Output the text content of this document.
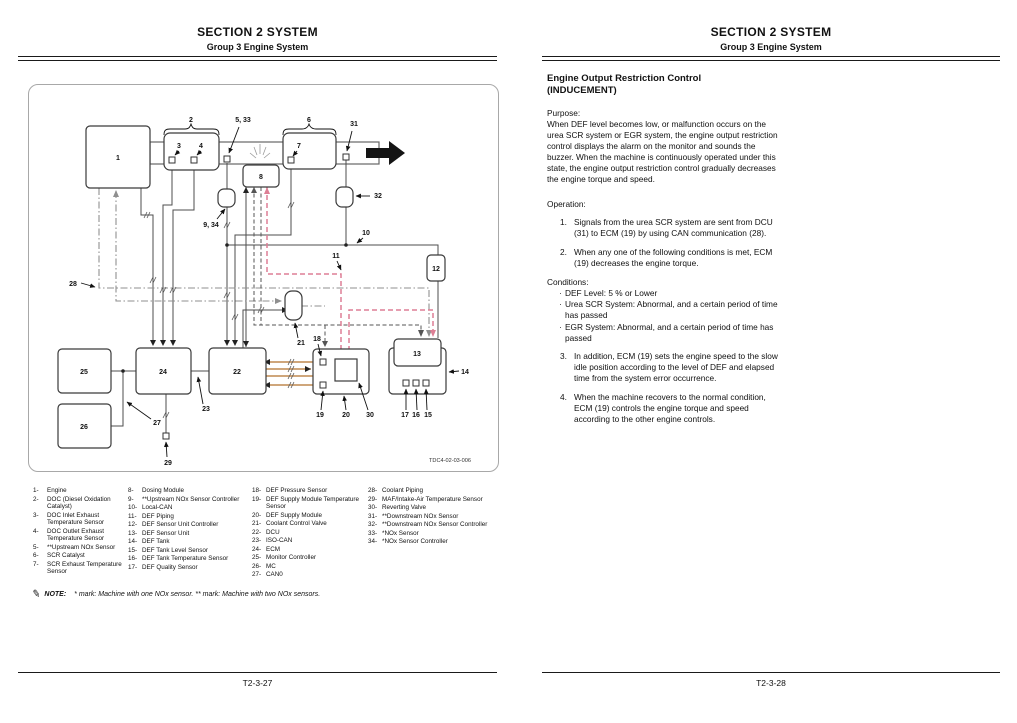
SECTION 2 SYSTEM
Group 3 Engine System
1
2
3	4
5, 33	6
7
8
9, 34
10
11
12
13
14
15
16
17
18
19	20
21
22
23
24
25
26
27
28
29
30
31
32
TDC4-02-03-006
1-	Engine
2-	DOC (Diesel Oxidation Catalyst)
3-	DOC Inlet Exhaust Temperature Sensor
4-	DOC Outlet Exhaust Temperature Sensor
5-	**Upstream NOx Sensor
6-	SCR Catalyst
7-	SCR Exhaust Temperature Sensor
8-	Dosing Module
9-	**Upstream NOx Sensor Controller
10- Local-CAN
11- DEF Piping
12- DEF Sensor Unit Controller
13- DEF Sensor Unit
14- DEF Tank
15- DEF Tank Level Sensor
16- DEF Tank Temperature Sensor
17- DEF Quality Sensor
18- DEF Pressure Sensor
19- DEF Supply Module Temperature Sensor
20- DEF Supply Module
21- Coolant Control Valve
22- DCU
23- ISO-CAN
24- ECM
25- Monitor Controller
26- MC
27- CAN0
28- Coolant Piping
29- MAF/Intake-Air Temperature Sensor
30- Reverting Valve
31- **Downstream NOx Sensor
32- **Downstream NOx Sensor Controller
33- *NOx Sensor
34- *NOx Sensor Controller
✎ NOTE: * mark: Machine with one NOx sensor. ** mark: Machine with two NOx sensors.
T2-3-27
SECTION 2 SYSTEM
Group 3 Engine System
Engine Output Restriction Control
(INDUCEMENT)
Purpose:
When DEF level becomes low, or malfunction occurs on the urea SCR system or EGR system, the engine output restriction control displays the alarm on the monitor and sounds the buzzer. When the machine is continuously operated under this state, the engine output restriction control gradually decreases the engine torque and speed.
Operation:
1. Signals from the urea SCR system are sent from DCU (31) to ECM (19) by using CAN communication (28).
2. When any one of the following conditions is met, ECM (19) decreases the engine torque.
Conditions:
· DEF Level: 5 % or Lower
· Urea SCR System: Abnormal, and a certain period of time has passed
· EGR System: Abnormal, and a certain period of time has passed
3. In addition, ECM (19) sets the engine speed to the slow idle position according to the level of DEF and elapsed time from the system error occurrence.
4. When the machine recovers to the normal condition, ECM (19) controls the engine torque and speed according to the other engine controls.
T2-3-28
